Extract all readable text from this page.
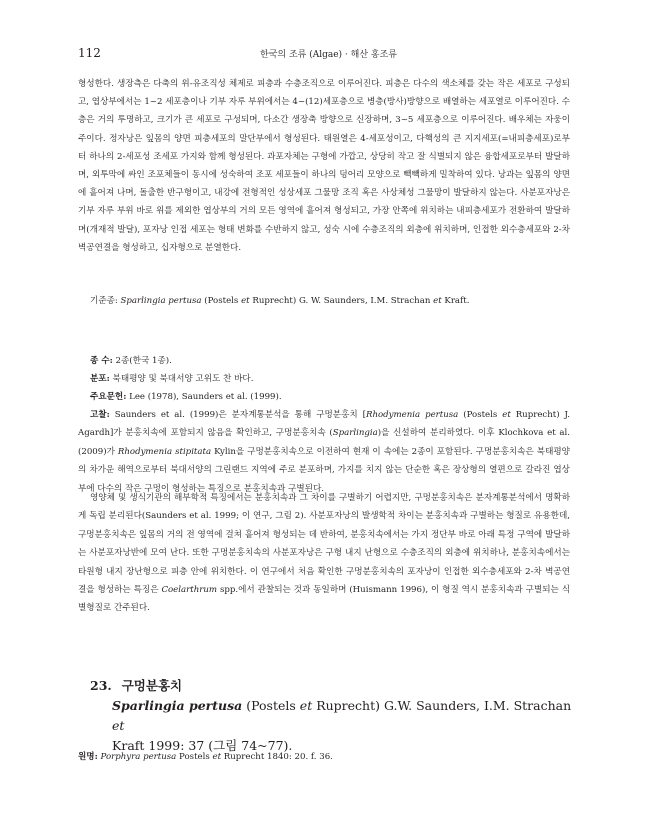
112	한국의 조류 (Algae) · 해산 홍조류

형성한다. 생장측은 다축의 위-유조직성 체제로 피층과 수층조직으로 이루어진다. 피층은 다수의 색소체를 갖는 작은 세포로 구성되고, 엽상부에서는 1~2 세포층이나 기부 자루 부위에서는 4~(12)세포층으로 병층(방사)방향으로 배열하는 세포열로 이루어진다. 수층은 거의 투명하고, 크기가 큰 세포로 구성되며, 다소간 생장축 방향으로 신장하며, 3~5 세포층으로 이루어진다. 배우체는 자웅이주이다. 정자낭은 잎몸의 양면 피층세포의 말단부에서 형성된다. 태원열은 4-세포성이고, 다핵성의 큰 지지세포(=내피층세포)로부터 하나의 2-세포성 조세포 가지와 함께 형성된다. 과포자체는 구형에 가깝고, 상당히 작고 잘 식별되지 않은 융합세포로부터 발달하며, 외투막에 싸인 조포체들이 동시에 성숙하여 조포 세포들이 하나의 덩어리 모양으로 빽빽하게 밀착하여 있다. 낭과는 잎몸의 양면에 흩어져 나며, 돌출한 반구형이고, 내강에 전형적인 성상세포 그물망 조직 혹은 사상체성 그물망이 발달하지 않는다. 사분포자낭은 기부 자루 부위 바로 위를 제외한 엽상부의 거의 모든 영역에 흩어져 형성되고, 가장 안쪽에 위치하는 내피층세포가 전환하여 발달하며(개재적 발달), 포자낭 인접 세포는 형태 변화를 수반하지 않고, 성숙 시에 수층조직의 외층에 위치하며, 인접한 외수층세포와 2-차 벽공연결을 형성하고, 십자형으로 분열한다.

기준종: Sparlingia pertusa (Postels et Ruprecht) G. W. Saunders, I.M. Strachan et Kraft.

종 수: 2종(한국 1종).

분포: 북태평양 및 북대서양 고위도 찬 바다.

주요문헌: Lee (1978), Saunders et al. (1999).

고찰: Saunders et al. (1999)은 분자계통분석을 통해 구멍분홍치 [Rhodymenia pertusa (Postels et Ruprecht) J. Agardh]가 분홍치속에 포함되지 않음을 확인하고, 구멍분홍치속 (Sparlingia)을 신설하여 분리하였다. 이후 Klochkova et al. (2009)가 Rhodymenia stipitata Kylin을 구멍분홍치속으로 이전하여 현재 이 속에는 2종이 포함된다. 구멍분홍치속은 북태평양의 차가운 해역으로부터 북대서양의 그린랜드 지역에 주로 분포하며, 가지를 치지 않는 단순한 혹은 장상형의 열편으로 갈라진 엽상부에 다수의 작은 구멍이 형성하는 특징으로 분홍치속과 구별된다.

영양체 및 생식기관의 해부학적 특징에서는 분홍치속과 그 차이를 구별하기 어렵지만, 구멍분홍치속은 분자계통분석에서 명확하게 독립 분리된다(Saunders et al. 1999; 이 연구, 그림 2). 사분포자낭의 발생학적 차이는 분홍치속과 구별하는 형질로 유용한데, 구멍분홍치속은 잎몸의 거의 전 영역에 걸쳐 흩어져 형성되는 데 반하여, 분홍치속에서는 가지 정단부 바로 아래 특정 구역에 발달하는 사분포자낭반에 모여 난다. 또한 구멍분홍치속의 사분포자낭은 구형 내지 난형으로 수층조직의 외층에 위치하나, 분홍치속에서는 타원형 내지 장난형으로 피층 안에 위치한다. 이 연구에서 처음 확인한 구멍분홍치속의 포자낭이 인접한 외수층세포와 2-차 벽공연결을 형성하는 특징은 Coelarthrum spp.에서 관찰되는 것과 동일하며 (Huismann 1996), 이 형질 역시 분홍치속과 구별되는 식별형질로 간주된다.

23. 구멍분홍치
Sparlingia pertusa (Postels et Ruprecht) G.W. Saunders, I.M. Strachan et
Kraft 1999: 37 (그림 74~77).
원명: Porphyra pertusa Postels et Ruprecht 1840: 20. f. 36.
